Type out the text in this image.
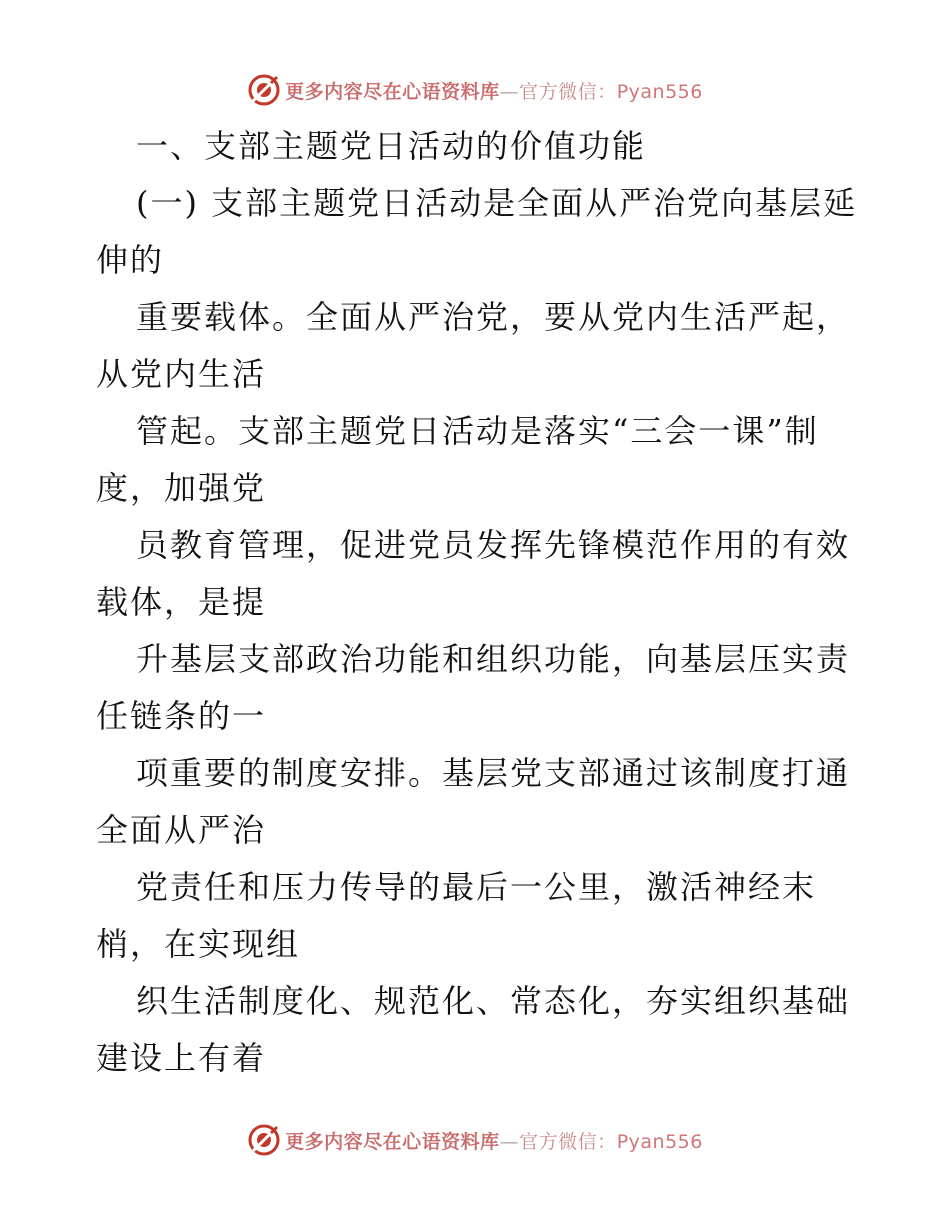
更多内容尽在心语资料库—官方微信：Pyan556

一、支部主题党日活动的价值功能

(一) 支部主题党日活动是全面从严治党向基层延

伸的

重要载体。全面从严治党，要从党内生活严起，

从党内生活

管起。支部主题党日活动是落实“三会一课”制

度，加强党

员教育管理，促进党员发挥先锋模范作用的有效

载体，是提

升基层支部政治功能和组织功能，向基层压实责

任链条的一

项重要的制度安排。基层党支部通过该制度打通

全面从严治

党责任和压力传导的最后一公里，激活神经末

梢，在实现组

织生活制度化、规范化、常态化，夯实组织基础

建设上有着

更多内容尽在心语资料库—官方微信：Pyan556
